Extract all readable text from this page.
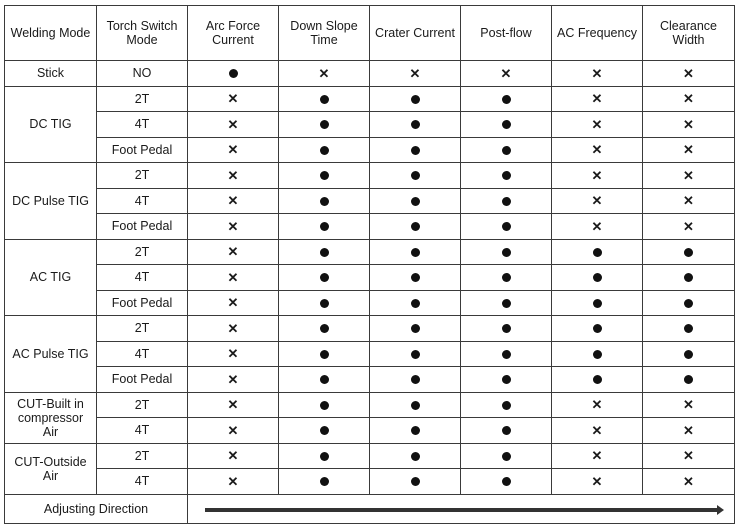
Welding Mode	Torch Switch Mode	Arc Force Current	Down Slope Time	Crater Current	Post-flow	AC Frequency	Clearance Width
Stick	NO		✕	✕	✕	✕	✕
DC TIG	2T	✕				✕	✕
	4T	✕				✕	✕
	Foot Pedal	✕				✕	✕
DC Pulse TIG	2T	✕				✕	✕
	4T	✕				✕	✕
	Foot Pedal	✕				✕	✕
AC TIG	2T	✕					
	4T	✕					
	Foot Pedal	✕					
AC Pulse TIG	2T	✕					
	4T	✕					
	Foot Pedal	✕					
CUT-Built in compressor Air	2T	✕				✕	✕
	4T	✕				✕	✕
CUT-Outside Air	2T	✕				✕	✕
	4T	✕				✕	✕
Adjusting Direction							
